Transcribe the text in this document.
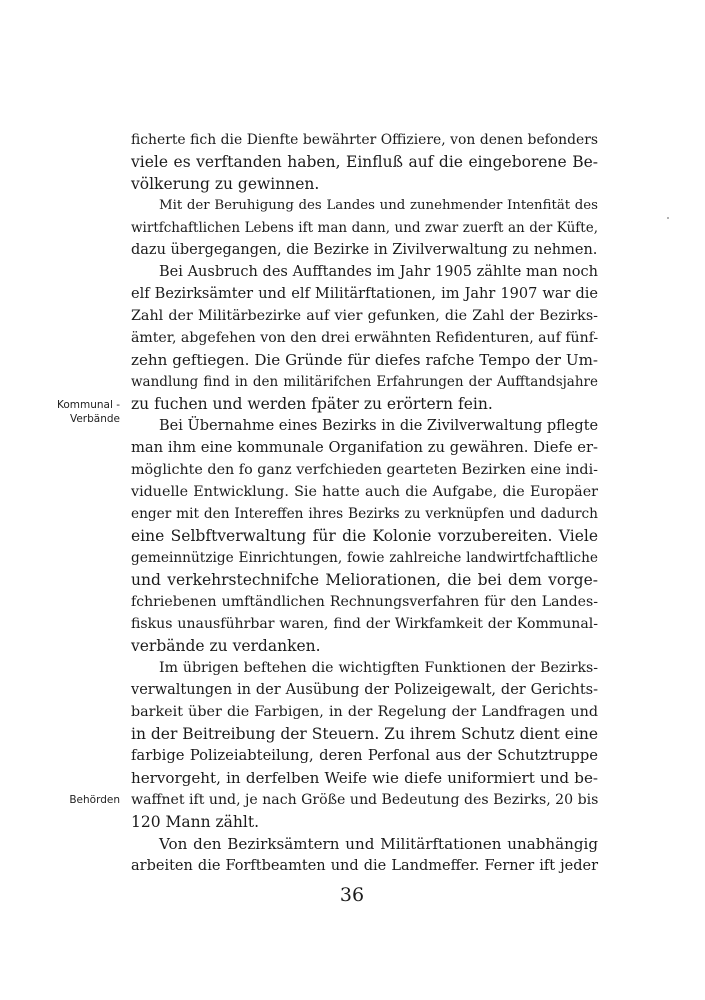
Kommunal -
Verbände
Behörden
ficherte fich die Dienfte bewährter Offiziere, von denen befonders
viele es verftanden haben, Einfluß auf die eingeborene Be-
völkerung zu gewinnen.
Mit der Beruhigung des Landes und zunehmender Intenfität des
wirtfchaftlichen Lebens ift man dann, und zwar zuerft an der Küfte,
dazu übergegangen, die Bezirke in Zivilverwaltung zu nehmen.
Bei Ausbruch des Aufftandes im Jahr 1905 zählte man noch
elf Bezirksämter und elf Militärftationen, im Jahr 1907 war die
Zahl der Militärbezirke auf vier gefunken, die Zahl der Bezirks-
ämter, abgefehen von den drei erwähnten Refidenturen, auf fünf-
zehn geftiegen. Die Gründe für diefes rafche Tempo der Um-
wandlung find in den militärifchen Erfahrungen der Aufftandsjahre
zu fuchen und werden fpäter zu erörtern fein.
Bei Übernahme eines Bezirks in die Zivilverwaltung pflegte
man ihm eine kommunale Organifation zu gewähren. Diefe er-
möglichte den fo ganz verfchieden gearteten Bezirken eine indi-
viduelle Entwicklung. Sie hatte auch die Aufgabe, die Europäer
enger mit den Intereffen ihres Bezirks zu verknüpfen und dadurch
eine Selbftverwaltung für die Kolonie vorzubereiten. Viele
gemeinnützige Einrichtungen, fowie zahlreiche landwirtfchaftliche
und verkehrstechnifche Meliorationen, die bei dem vorge-
fchriebenen umftändlichen Rechnungsverfahren für den Landes-
fiskus unausführbar waren, find der Wirkfamkeit der Kommunal-
verbände zu verdanken.
Im übrigen beftehen die wichtigften Funktionen der Bezirks-
verwaltungen in der Ausübung der Polizeigewalt, der Gerichts-
barkeit über die Farbigen, in der Regelung der Landfragen und
in der Beitreibung der Steuern. Zu ihrem Schutz dient eine
farbige Polizeiabteilung, deren Perfonal aus der Schutztruppe
hervorgeht, in derfelben Weife wie diefe uniformiert und be-
waffnet ift und, je nach Größe und Bedeutung des Bezirks, 20 bis
120 Mann zählt.
Von den Bezirksämtern und Militärftationen unabhängig
arbeiten die Forftbeamten und die Landmeffer. Ferner ift jeder
36
